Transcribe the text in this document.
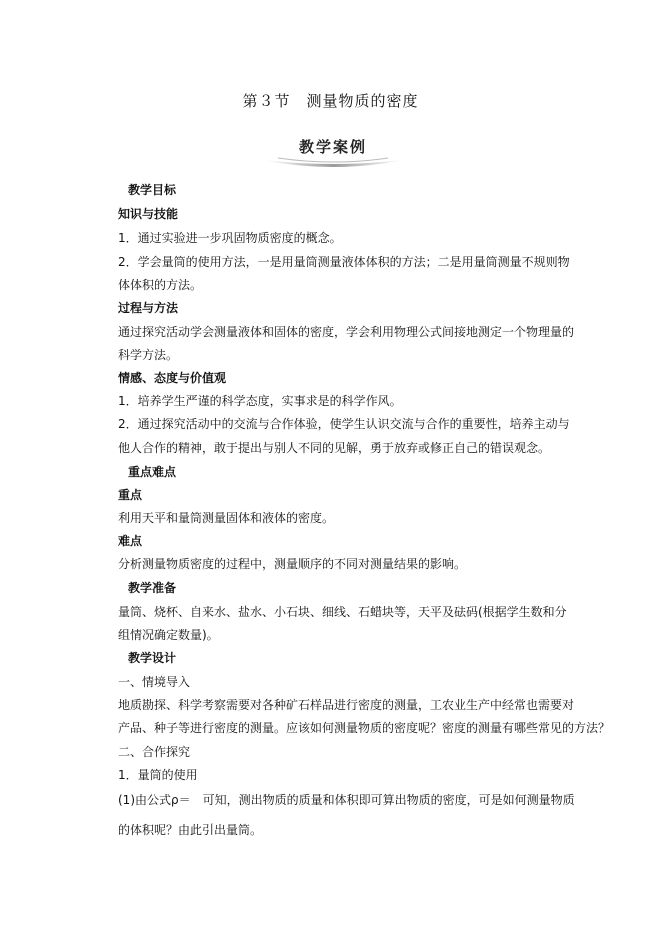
第３节　测量物质的密度
教学案例
教学目标
知识与技能
1．通过实验进一步巩固物质密度的概念。
2．学会量筒的使用方法，一是用量筒测量液体体积的方法；二是用量筒测量不规则物
体体积的方法。
过程与方法
通过探究活动学会测量液体和固体的密度，学会利用物理公式间接地测定一个物理量的
科学方法。
情感、态度与价值观
1．培养学生严谨的科学态度，实事求是的科学作风。
2．通过探究活动中的交流与合作体验，使学生认识交流与合作的重要性，培养主动与
他人合作的精神，敢于提出与别人不同的见解，勇于放弃或修正自己的错误观念。
重点难点
重点
利用天平和量筒测量固体和液体的密度。
难点
分析测量物质密度的过程中，测量顺序的不同对测量结果的影响。
教学准备
量筒、烧杯、自来水、盐水、小石块、细线、石蜡块等，天平及砝码(根据学生数和分
组情况确定数量)。
教学设计
一、情境导入
地质勘探、科学考察需要对各种矿石样品进行密度的测量，工农业生产中经常也需要对
产品、种子等进行密度的测量。应该如何测量物质的密度呢？密度的测量有哪些常见的方法？
二、合作探究
1．量筒的使用
(1)由公式ρ＝　可知，测出物质的质量和体积即可算出物质的密度，可是如何测量物质
的体积呢？由此引出量筒。
